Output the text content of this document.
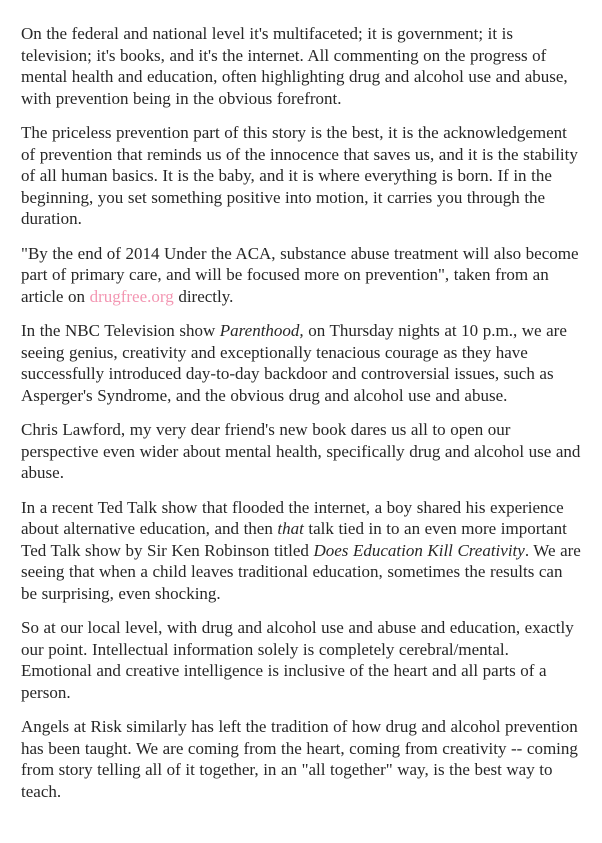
On the federal and national level it's multifaceted; it is government; it is television; it's books, and it's the internet. All commenting on the progress of mental health and education, often highlighting drug and alcohol use and abuse, with prevention being in the obvious forefront.

The priceless prevention part of this story is the best, it is the acknowledgement of prevention that reminds us of the innocence that saves us, and it is the stability of all human basics. It is the baby, and it is where everything is born. If in the beginning, you set something positive into motion, it carries you through the duration.

"By the end of 2014 Under the ACA, substance abuse treatment will also become part of primary care, and will be focused more on prevention", taken from an article on drugfree.org directly.

In the NBC Television show Parenthood, on Thursday nights at 10 p.m., we are seeing genius, creativity and exceptionally tenacious courage as they have successfully introduced day-to-day backdoor and controversial issues, such as Asperger's Syndrome, and the obvious drug and alcohol use and abuse.

Chris Lawford, my very dear friend's new book dares us all to open our perspective even wider about mental health, specifically drug and alcohol use and abuse.

In a recent Ted Talk show that flooded the internet, a boy shared his experience about alternative education, and then that talk tied in to an even more important Ted Talk show by Sir Ken Robinson titled Does Education Kill Creativity. We are seeing that when a child leaves traditional education, sometimes the results can be surprising, even shocking.

So at our local level, with drug and alcohol use and abuse and education, exactly our point. Intellectual information solely is completely cerebral/mental. Emotional and creative intelligence is inclusive of the heart and all parts of a person.

Angels at Risk similarly has left the tradition of how drug and alcohol prevention has been taught. We are coming from the heart, coming from creativity -- coming from story telling all of it together, in an "all together" way, is the best way to teach.
